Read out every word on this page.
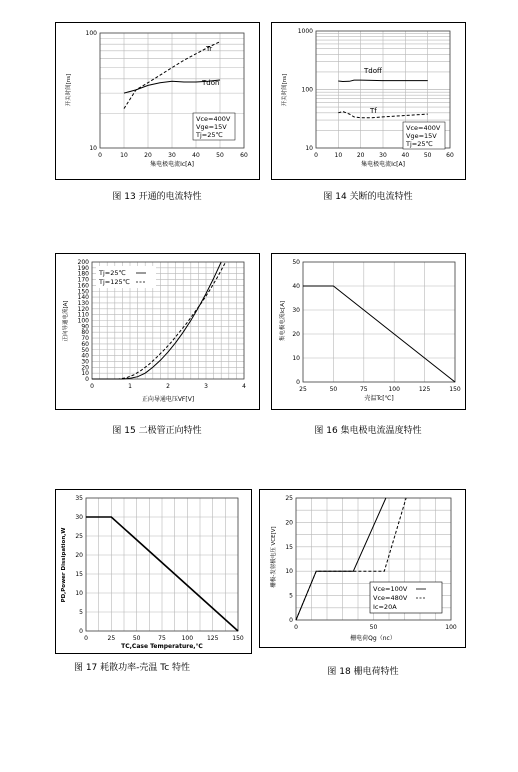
0	10	20	30	40	50	60
10
100
集电极电流Ic[A]
开关时间[ns]
Tr
Tdon
Vce=400V
Vge=15V
Tj=25℃
图 13 开通的电流特性
0	10 20 30 40 50 60
10
100
1000
集电极电流Ic[A]
开关时间[ns]
Tdoff
Tf
Vce=400V
Vge=15V
Tj=25℃
图 14 关断的电流特性
0	1	2	3	4
0
10
20
30
40
50
60
70
80
90
100
110
120
130
140
150
160
170
180
190
200
正向导通电压VF[V]
正向导通电流[A]
Tj=25℃
Tj=125℃
图 15 二极管正向特性
25	50	75	100	125	150
0
10
20
30
40
50
壳温Tc[℃]
集电极电流Ic[A]
图 16 集电极电流温度特性
0	25	50	75	100 125 150
0
5
10
15
20
25
30
35
TC,Case Temperature,℃
PD,Power Dissipation,W
图 17 耗散功率-壳温 Tc 特性
0	50	100
0
5
10
15
20
25
栅电荷Qg（nc）
栅极-发射极电压 VCE[V]
Vce=100V
Vce=480V
Ic=20A
图 18 栅电荷特性
